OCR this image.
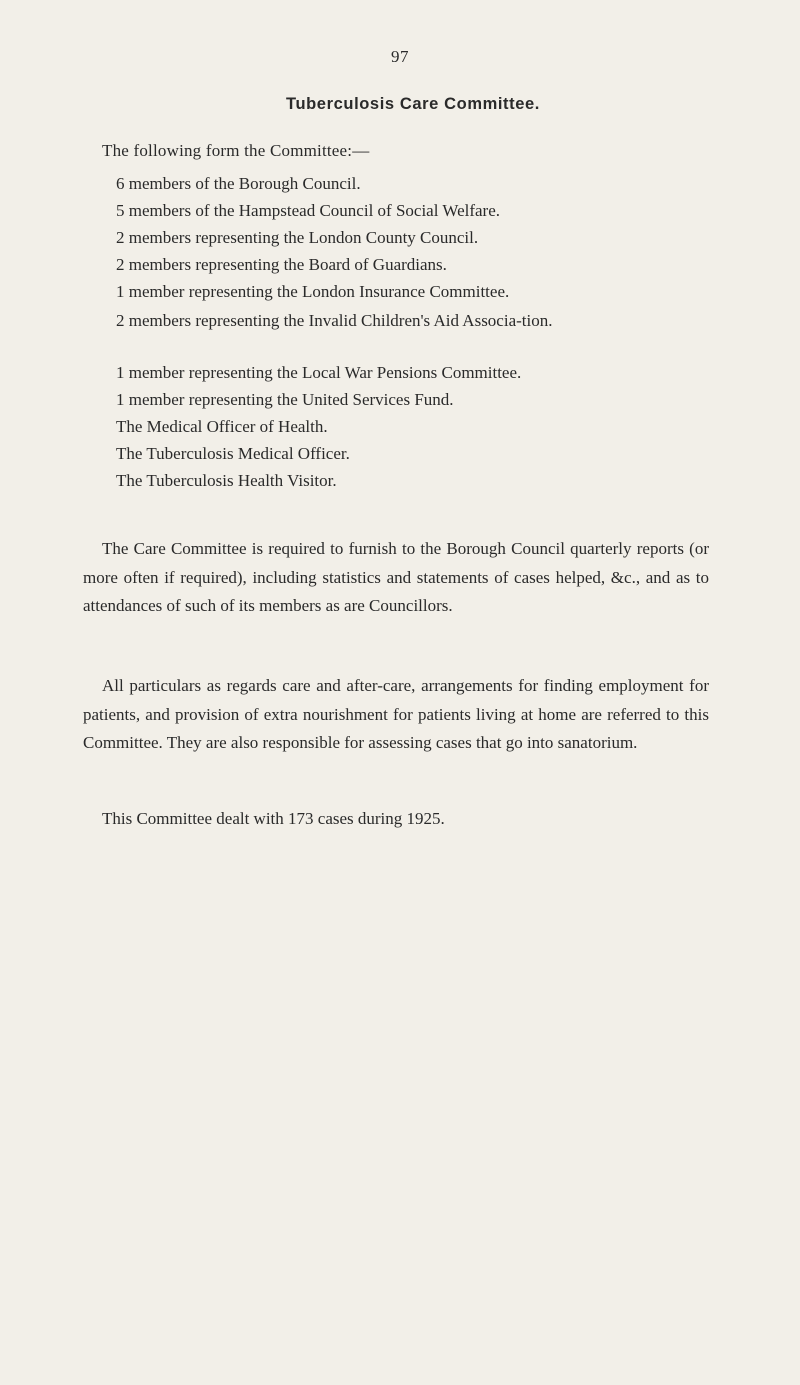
97
Tuberculosis Care Committee.
The following form the Committee:—
6 members of the Borough Council.
5 members of the Hampstead Council of Social Welfare.
2 members representing the London County Council.
2 members representing the Board of Guardians.
1 member representing the London Insurance Committee.
2 members representing the Invalid Children's Aid Associa-tion.
1 member representing the Local War Pensions Committee.
1 member representing the United Services Fund.
The Medical Officer of Health.
The Tuberculosis Medical Officer.
The Tuberculosis Health Visitor.

The Care Committee is required to furnish to the Borough Council quarterly reports (or more often if required), including statistics and statements of cases helped, &c., and as to attendances of such of its members as are Councillors.

All particulars as regards care and after-care, arrangements for finding employment for patients, and provision of extra nourishment for patients living at home are referred to this Committee. They are also responsible for assessing cases that go into sanatorium.

This Committee dealt with 173 cases during 1925.
